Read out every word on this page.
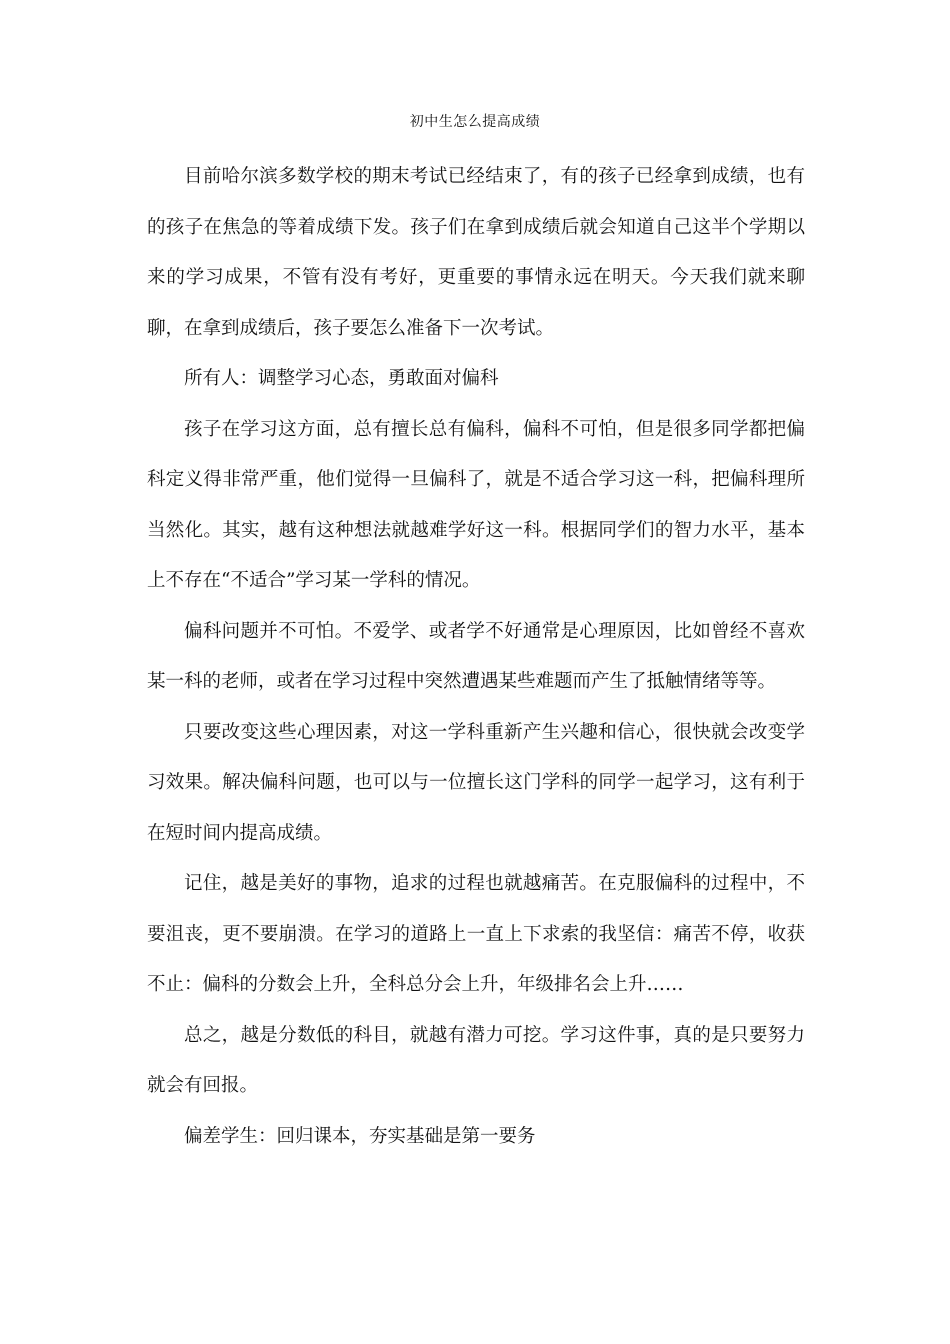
初中生怎么提高成绩

目前哈尔滨多数学校的期末考试已经结束了，有的孩子已经拿到成绩，也有的孩子在焦急的等着成绩下发。孩子们在拿到成绩后就会知道自己这半个学期以来的学习成果，不管有没有考好，更重要的事情永远在明天。今天我们就来聊聊，在拿到成绩后，孩子要怎么准备下一次考试。

所有人：调整学习心态，勇敢面对偏科

孩子在学习这方面，总有擅长总有偏科，偏科不可怕，但是很多同学都把偏科定义得非常严重，他们觉得一旦偏科了，就是不适合学习这一科，把偏科理所当然化。其实，越有这种想法就越难学好这一科。根据同学们的智力水平，基本上不存在“不适合”学习某一学科的情况。

偏科问题并不可怕。不爱学、或者学不好通常是心理原因，比如曾经不喜欢某一科的老师，或者在学习过程中突然遭遇某些难题而产生了抵触情绪等等。

只要改变这些心理因素，对这一学科重新产生兴趣和信心，很快就会改变学习效果。解决偏科问题，也可以与一位擅长这门学科的同学一起学习，这有利于在短时间内提高成绩。

记住，越是美好的事物，追求的过程也就越痛苦。在克服偏科的过程中，不要沮丧，更不要崩溃。在学习的道路上一直上下求索的我坚信：痛苦不停，收获不止：偏科的分数会上升，全科总分会上升，年级排名会上升……

总之，越是分数低的科目，就越有潜力可挖。学习这件事，真的是只要努力就会有回报。

偏差学生：回归课本，夯实基础是第一要务
